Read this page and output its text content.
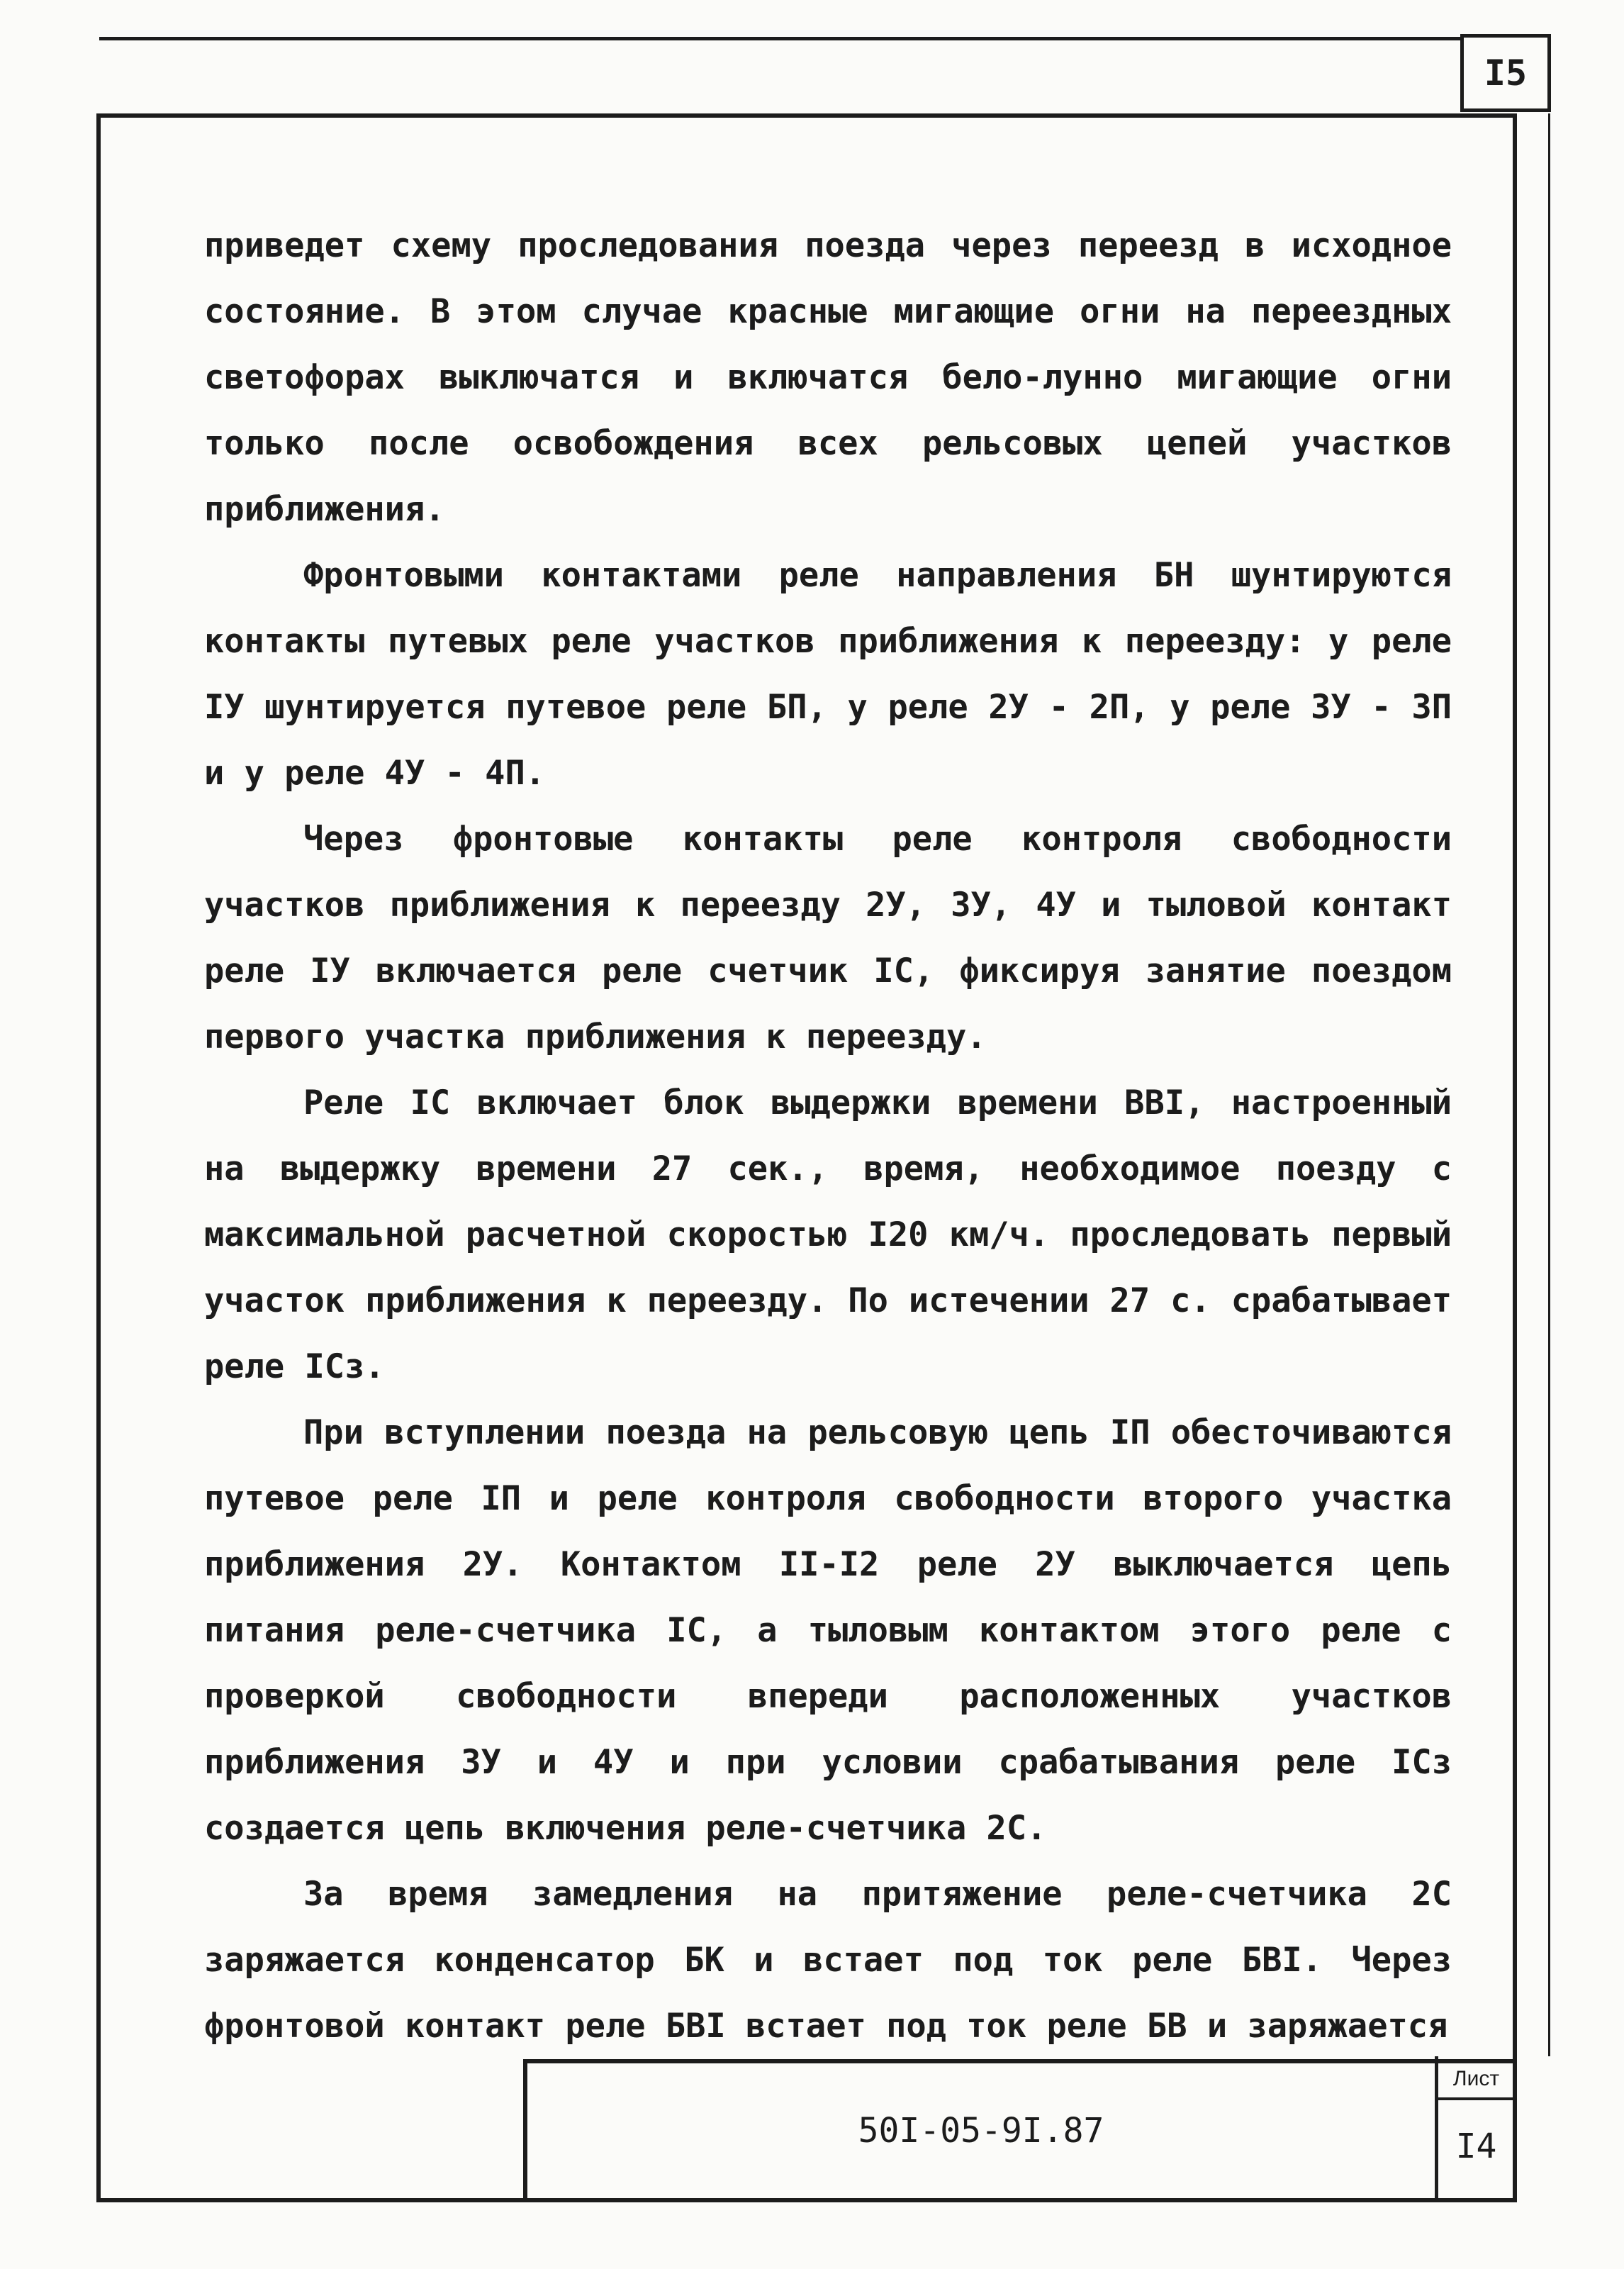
I5

приведет схему проследования поезда через переезд в исходное состояние. В этом случае красные мигающие огни на переездных светофорах выключатся и включатся бело-лунно мигающие огни только после освобождения всех рельсовых цепей участков приближения.

Фронтовыми контактами реле направления БН шунтируются контакты путевых реле участков приближения к переезду: у реле IУ шунтируется путевое реле БП, у реле 2У - 2П, у реле 3У - 3П и у реле 4У - 4П.

Через фронтовые контакты реле контроля свободности участков приближения к переезду 2У, 3У, 4У и тыловой контакт реле IУ включается реле счетчик IС, фиксируя занятие поездом первого участка приближения к переезду.

Реле IС включает блок выдержки времени ВВI, настроенный на выдержку времени 27 сек., время, необходимое поезду с максимальной расчетной скоростью I20 км/ч. проследовать первый участок приближения к переезду. По истечении 27 с. срабатывает реле IСз.

При вступлении поезда на рельсовую цепь IП обесточиваются путевое реле IП и реле контроля свободности второго участка приближения 2У. Контактом II-I2 реле 2У выключается цепь питания реле-счетчика IС, а тыловым контактом этого реле с проверкой свободности впереди расположенных участков приближения 3У и 4У и при условии срабатывания реле IСз создается цепь включения реле-счетчика 2С.

За время замедления на притяжение реле-счетчика 2С заряжается конденсатор БК и встает под ток реле БВI. Через фронтовой контакт реле БВI встает под ток реле БВ и заряжается

50I-05-9I.87
Лист
I4
